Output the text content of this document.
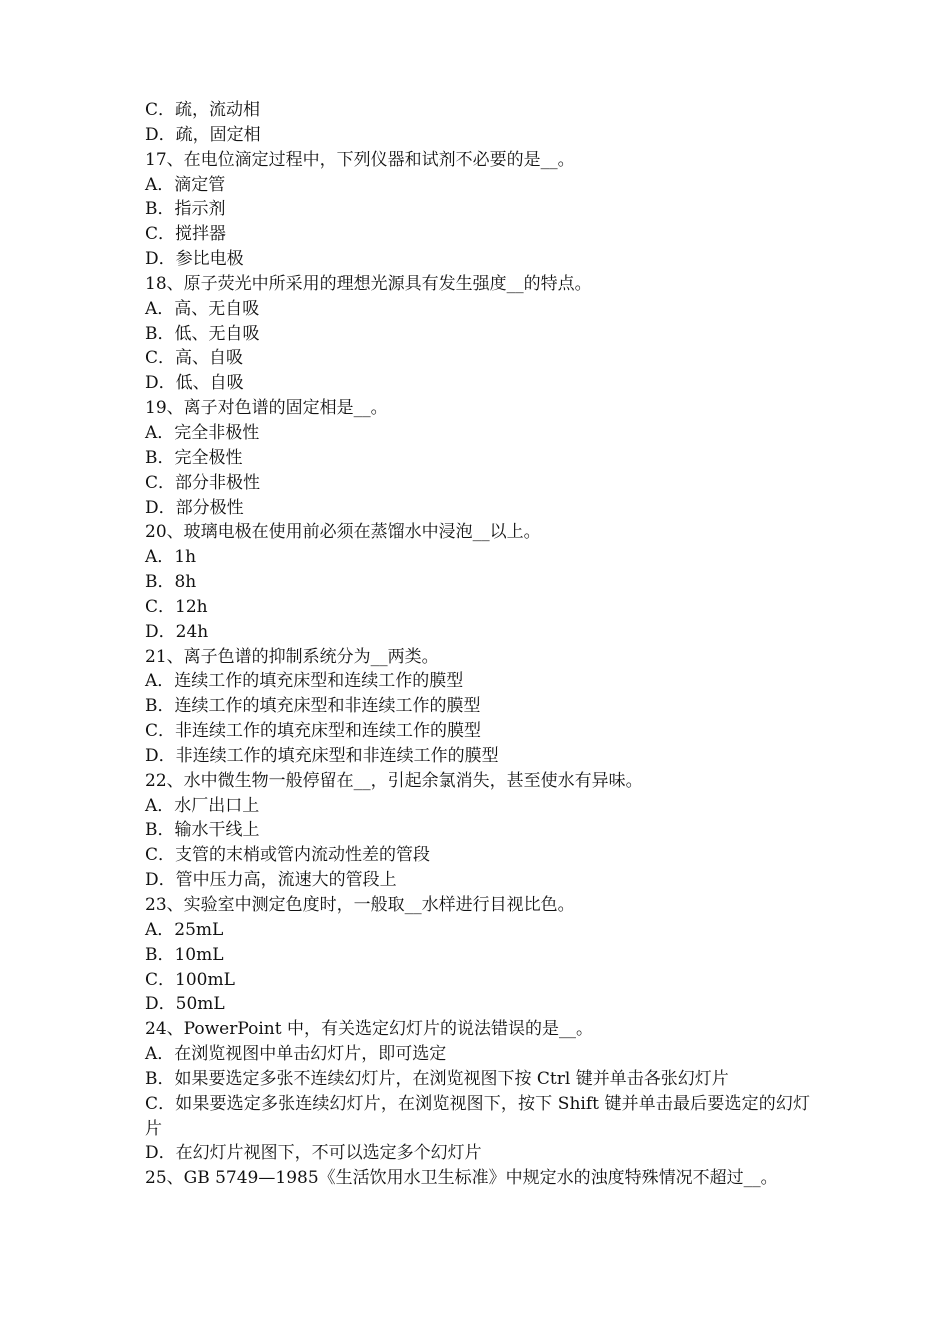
C．疏，流动相
D．疏，固定相
17、在电位滴定过程中，下列仪器和试剂不必要的是__。
A．滴定管
B．指示剂
C．搅拌器
D．参比电极
18、原子荧光中所采用的理想光源具有发生强度__的特点。
A．高、无自吸
B．低、无自吸
C．高、自吸
D．低、自吸
19、离子对色谱的固定相是__。
A．完全非极性
B．完全极性
C．部分非极性
D．部分极性
20、玻璃电极在使用前必须在蒸馏水中浸泡__以上。
A．1h
B．8h
C．12h
D．24h
21、离子色谱的抑制系统分为__两类。
A．连续工作的填充床型和连续工作的膜型
B．连续工作的填充床型和非连续工作的膜型
C．非连续工作的填充床型和连续工作的膜型
D．非连续工作的填充床型和非连续工作的膜型
22、水中微生物一般停留在__，引起余氯消失，甚至使水有异味。
A．水厂出口上
B．输水干线上
C．支管的末梢或管内流动性差的管段
D．管中压力高，流速大的管段上
23、实验室中测定色度时，一般取__水样进行目视比色。
A．25mL
B．10mL
C．100mL
D．50mL
24、PowerPoint 中，有关选定幻灯片的说法错误的是__。
A．在浏览视图中单击幻灯片，即可选定
B．如果要选定多张不连续幻灯片，在浏览视图下按 Ctrl 键并单击各张幻灯片
C．如果要选定多张连续幻灯片，在浏览视图下，按下 Shift 键并单击最后要选定的幻灯片
D．在幻灯片视图下，不可以选定多个幻灯片
25、GB 5749—1985《生活饮用水卫生标准》中规定水的浊度特殊情况不超过__。
